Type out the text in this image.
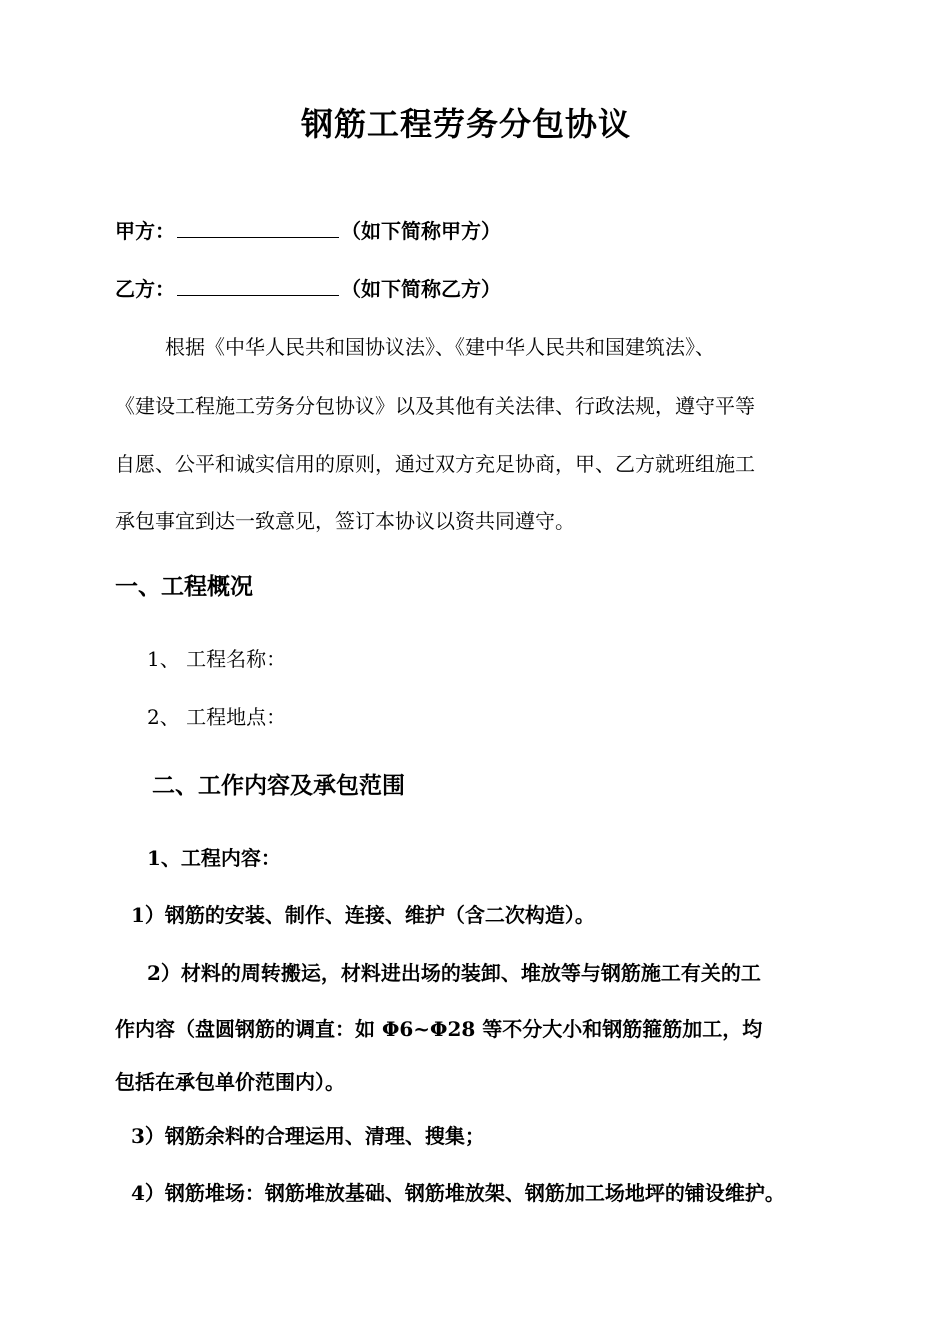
钢筋工程劳务分包协议
甲方：	（如下简称甲方）
乙方：	（如下简称乙方）
根据《中华人民共和国协议法》、《建中华人民共和国建筑法》、
《建设工程施工劳务分包协议》以及其他有关法律、行政法规，遵守平等
自愿、公平和诚实信用的原则，通过双方充足协商，甲、乙方就班组施工
承包事宜到达一致意见，签订本协议以资共同遵守。
一、工程概况
1、 工程名称：
2、 工程地点：
二、工作内容及承包范围
1、工程内容：
1）钢筋的安装、制作、连接、维护（含二次构造）。
2）材料的周转搬运，材料进出场的装卸、堆放等与钢筋施工有关的工
作内容（盘圆钢筋的调直：如 Φ6~Φ28 等不分大小和钢筋箍筋加工，均
包括在承包单价范围内）。
3）钢筋余料的合理运用、清理、搜集；
4）钢筋堆场：钢筋堆放基础、钢筋堆放架、钢筋加工场地坪的铺设维护。
